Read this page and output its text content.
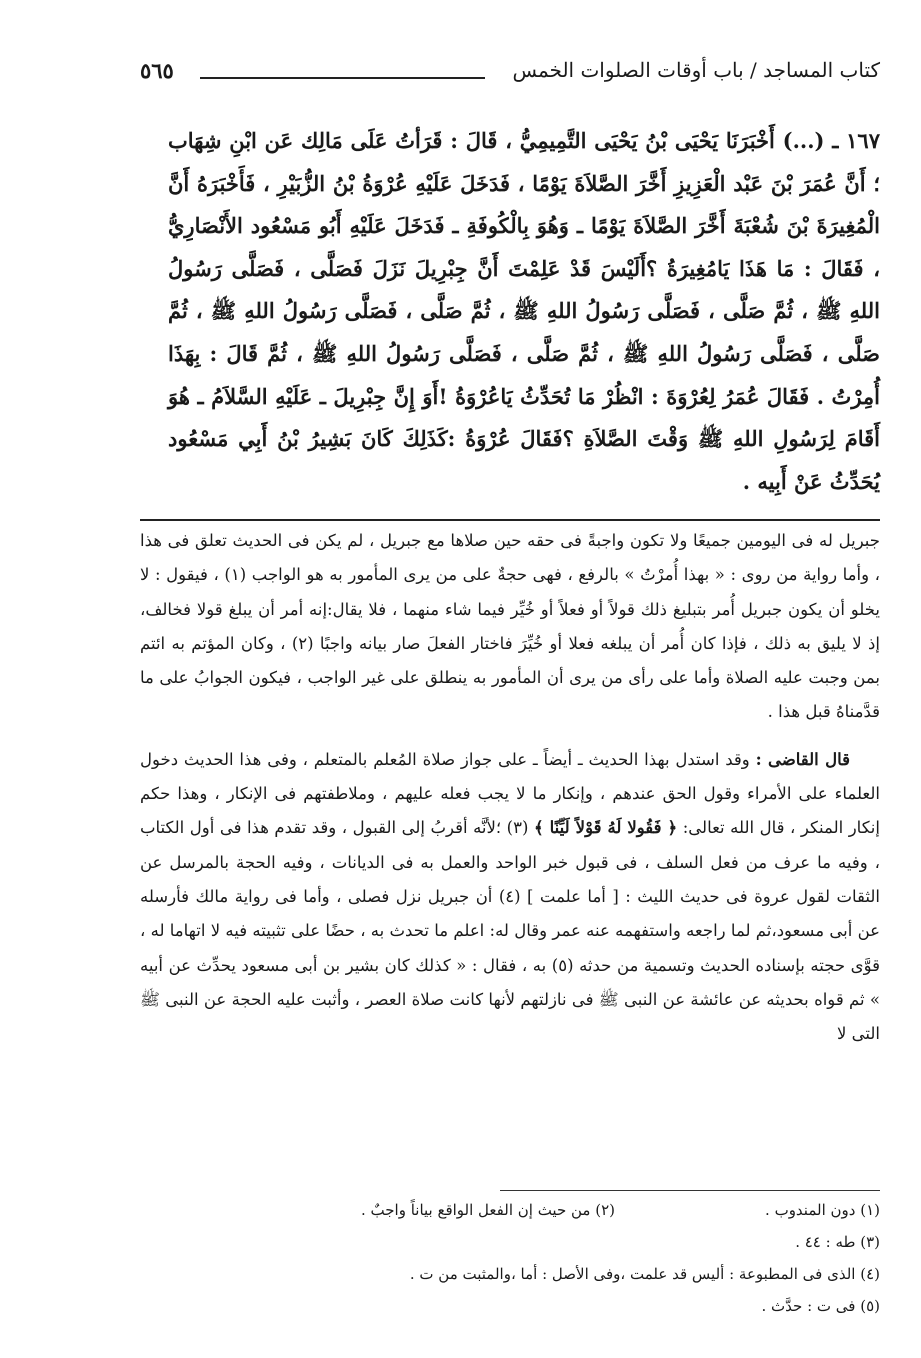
كتاب المساجد / باب أوقات الصلوات الخمس
٥٦٥

١٦٧ ـ (...) أَخْبَرَنَا يَحْيَى بْنُ يَحْيَى التَّمِيمِيُّ ، قَالَ : قَرَأتُ عَلَى مَالِك عَن ابْنِ شِهَاب ؛ أَنَّ عُمَرَ بْنَ عَبْد الْعَزِيزِ أَخَّرَ الصَّلاَةَ يَوْمًا ، فَدَخَلَ عَلَيْهِ عُرْوَةُ بْنُ الزُّبَيْرِ ، فَأَخْبَرَهُ أَنَّ الْمُغِيرَةَ بْنَ شُعْبَةَ أَخَّرَ الصَّلاَةَ يَوْمًا ـ وَهُوَ بِالْكُوفَةِ ـ فَدَخَلَ عَلَيْهِ أَبُو مَسْعُود الأَنْصَارِيُّ ، فَقَالَ : مَا هَذَا يَامُغِيرَةُ ؟أَلَيْسَ قَدْ عَلِمْتَ أَنَّ جِبْرِيلَ نَزَلَ فَصَلَّى ، فَصَلَّى رَسُولُ اللهِ ﷺ ، ثُمَّ صَلَّى ، فَصَلَّى رَسُولُ اللهِ ﷺ ، ثُمَّ صَلَّى ، فَصَلَّى رَسُولُ اللهِ ﷺ ، ثُمَّ صَلَّى ، فَصَلَّى رَسُولُ اللهِ ﷺ ، ثُمَّ صَلَّى ، فَصَلَّى رَسُولُ اللهِ ﷺ ، ثُمَّ قَالَ : بِهَذَا أُمِرْتُ . فَقَالَ عُمَرُ لِعُرْوَةَ : انْظُرْ مَا تُحَدِّثُ يَاعُرْوَةُ !أَوَ إِنَّ جِبْرِيلَ ـ عَلَيْهِ السَّلاَمُ ـ هُوَ أَقَامَ لِرَسُولِ اللهِ ﷺ وَقْتَ الصَّلاَةِ ؟فَقَالَ عُرْوَةُ :كَذَلِكَ كَانَ بَشِيرُ بْنُ أَبِي مَسْعُود يُحَدِّثُ عَنْ أَبِيه .

جبريل له فى اليومين جميعًا ولا تكون واجبةً فى حقه حين صلاها مع جبريل ، لم يكن فى الحديث تعلق فى هذا ، وأما رواية من روى : « بهذا أُمرْتُ » بالرفع ، فهى حجةٌ على من يرى المأمور به هو الواجب (١) ، فيقول : لا يخلو أن يكون جبريل أُمر بتبليغ ذلك قولاً أو فعلاً أو خُيِّر فيما شاء منهما ، فلا يقال:إنه أمر أن يبلغ قولا فخالف، إذ لا يليق به ذلك ، فإذا كان أُمر أن يبلغه فعلا أو خُيِّرَ فاختار الفعلَ صار بيانه واجبًا (٢) ، وكان المؤتم به ائتم بمن وجبت عليه الصلاة وأما على رأى من يرى أن المأمور به ينطلق على غير الواجب ، فيكون الجوابُ على ما قدَّمناهُ قبل هذا .

قال القاضى : وقد استدل بهذا الحديث ـ أيضاً ـ على جواز صلاة المُعلم بالمتعلم ، وفى هذا الحديث دخول العلماء على الأمراء وقول الحق عندهم ، وإنكار ما لا يجب فعله عليهم ، وملاطفتهم فى الإنكار ، وهذا حكم إنكار المنكر ، قال الله تعالى: ﴿ فَقُولا لَهُ قَوْلاً لَيِّنًا ﴾ (٣) ؛لأنَّه أقربُ إلى القبول ، وقد تقدم هذا فى أول الكتاب ، وفيه ما عرف من فعل السلف ، فى قبول خبر الواحد والعمل به فى الديانات ، وفيه الحجة بالمرسل عن الثقات لقول عروة فى حديث الليث : [ أما علمت ] (٤) أن جبريل نزل فصلى ، وأما فى رواية مالك فأرسله عن أبى مسعود،ثم لما راجعه واستفهمه عنه عمر وقال له: اعلم ما تحدث به ، حضًا على تثبيته فيه لا اتهاما له ، قوَّى حجته بإسناده الحديث وتسمية من حدثه (٥) به ، فقال : « كذلك كان بشير بن أبى مسعود يحدِّث عن أبيه » ثم قواه بحديثه عن عائشة عن النبى ﷺ فى نازلتهم لأنها كانت صلاة العصر ، وأثبت عليه الحجة عن النبى ﷺ التى لا

(١) دون المندوب .
(٢) من حيث إن الفعل الواقع بياناً واجبٌ .
(٣) طه : ٤٤ .
(٤) الذى فى المطبوعة : أليس قد علمت ،وفى الأصل : أما ،والمثبت من ت .
(٥) فى ت : حدَّث .
